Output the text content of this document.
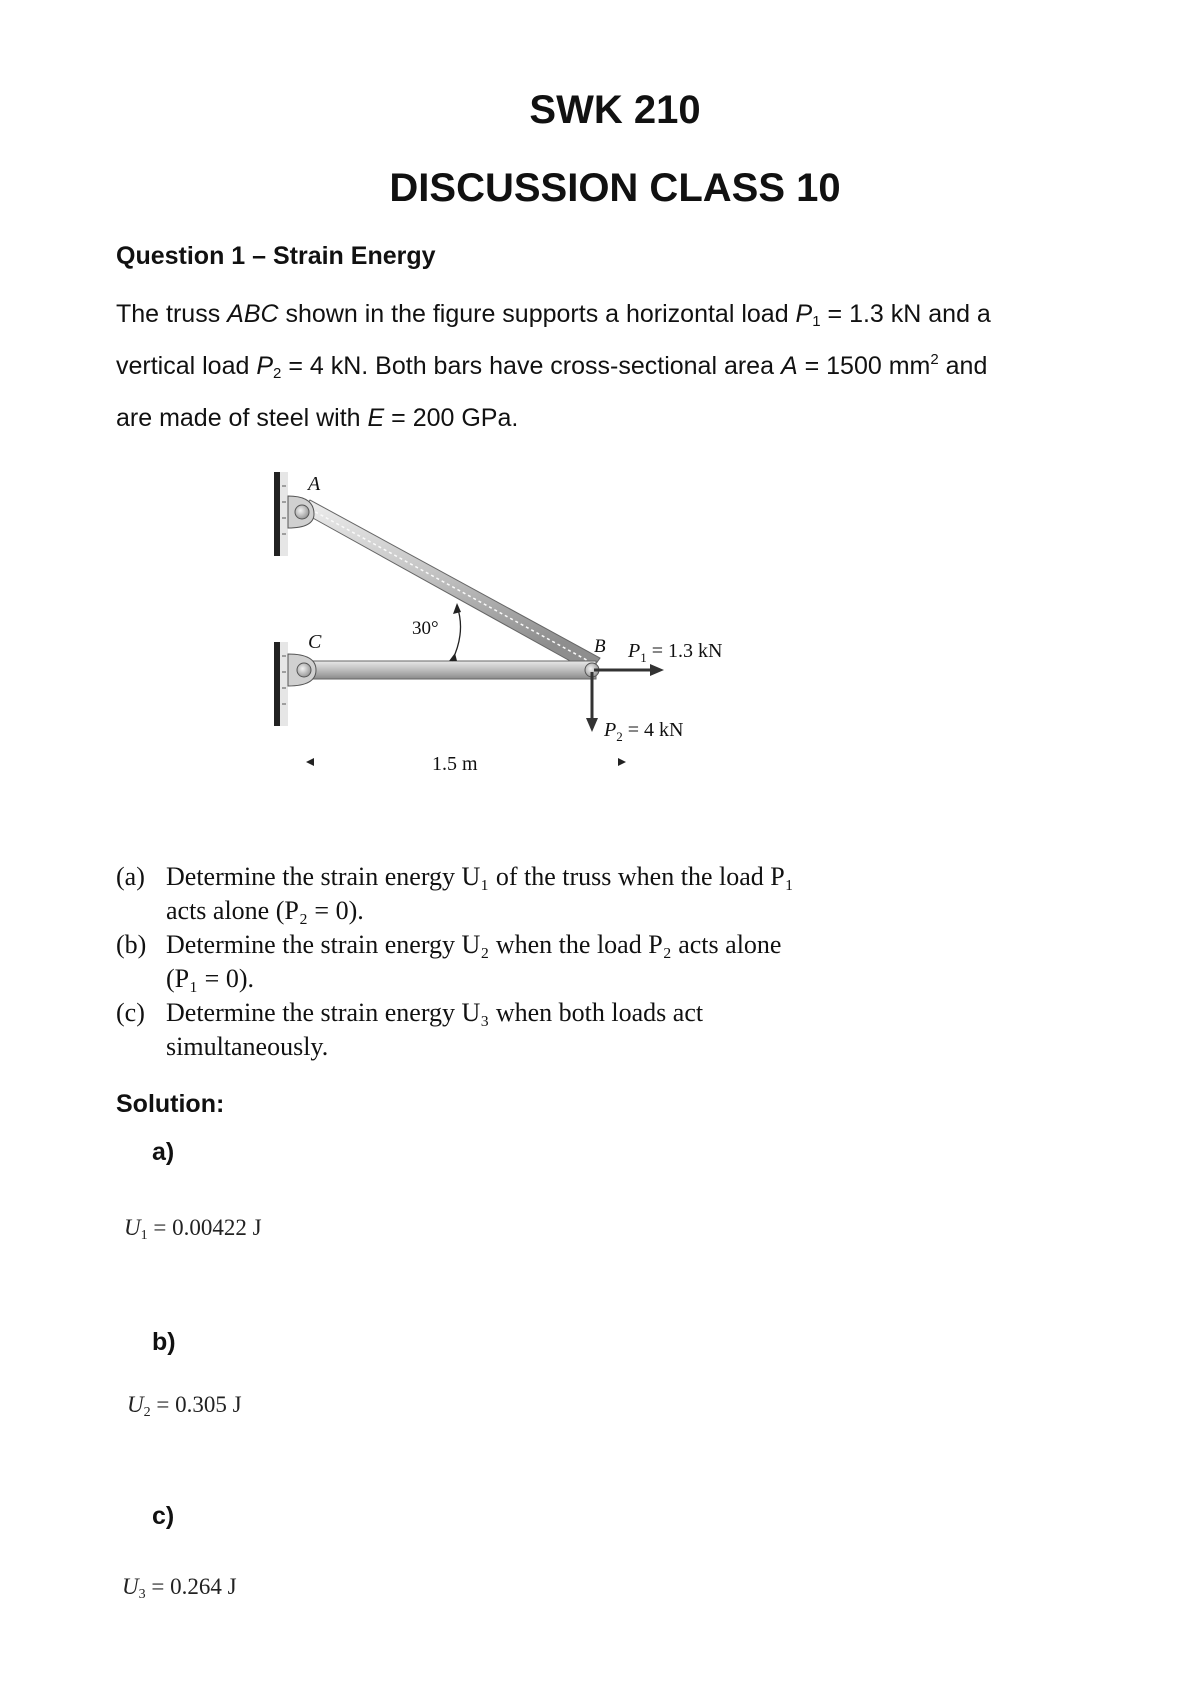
SWK 210
DISCUSSION CLASS 10
Question 1 – Strain Energy
The truss ABC shown in the figure supports a horizontal load $P_1 = 1.3$ kN and a
vertical load $P_2 = 4$ kN. Both bars have cross-sectional area A = 1500 $mm^2$ and
are made of steel with E = 200 GPa.
A
C	B
30°
$P_1 = 1.3$ kN
$P_2 = 4$ kN
1.5 m
(a) Determine the strain energy U₁ of the truss when the load P₁
acts alone (P₂ = 0).
(b) Determine the strain energy U₂ when the load P₂ acts alone
(P₁ = 0).
(c) Determine the strain energy U₃ when both loads act
simultaneously.
Solution:
a)
$U_1 = 0.00422$ J
b)
$U_2 = 0.305$ J
c)
$U_3 = 0.264$ J
